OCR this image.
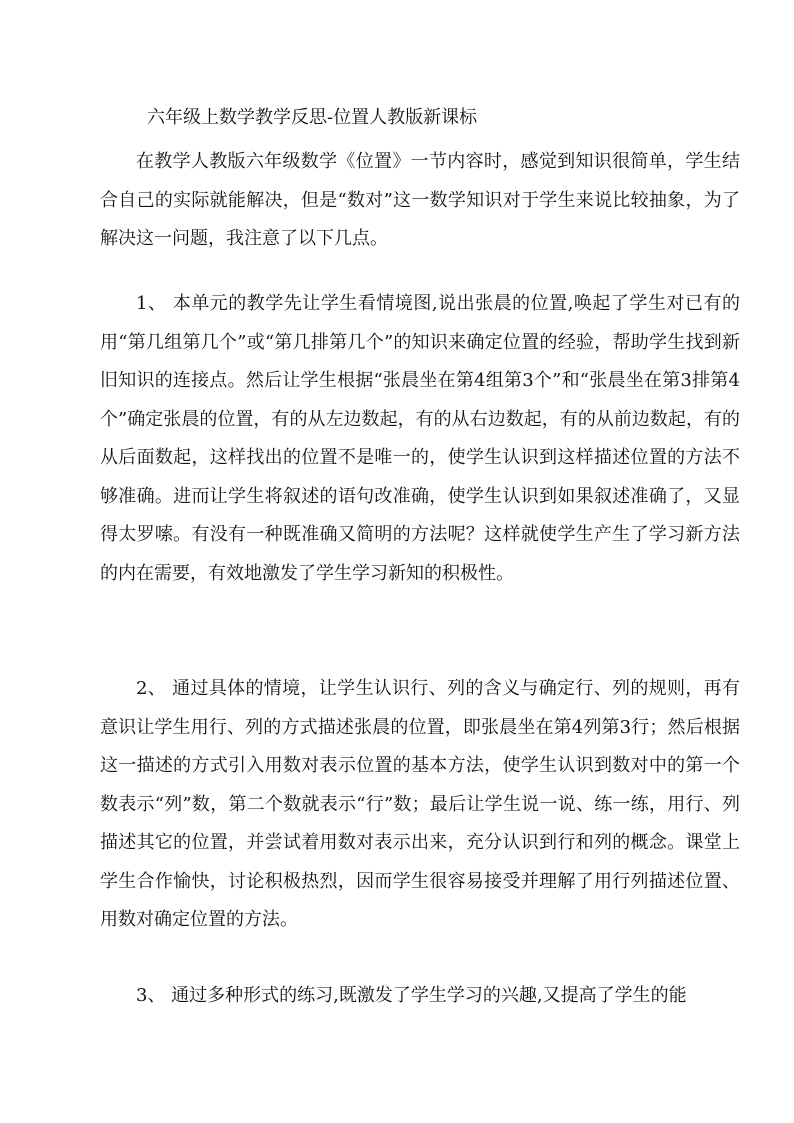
六年级上数学教学反思-位置人教版新课标

在教学人教版六年级数学《位置》一节内容时，感觉到知识很简单，学生结合自己的实际就能解决，但是“数对”这一数学知识对于学生来说比较抽象，为了解决这一问题，我注意了以下几点。

1、 本单元的教学先让学生看情境图,说出张晨的位置,唤起了学生对已有的用“第几组第几个”或“第几排第几个”的知识来确定位置的经验，帮助学生找到新旧知识的连接点。然后让学生根据“张晨坐在第4组第3个”和“张晨坐在第3排第4个”确定张晨的位置，有的从左边数起，有的从右边数起，有的从前边数起，有的从后面数起，这样找出的位置不是唯一的，使学生认识到这样描述位置的方法不够准确。进而让学生将叙述的语句改准确，使学生认识到如果叙述准确了，又显得太罗嗦。有没有一种既准确又简明的方法呢？这样就使学生产生了学习新方法的内在需要，有效地激发了学生学习新知的积极性。

2、 通过具体的情境，让学生认识行、列的含义与确定行、列的规则，再有意识让学生用行、列的方式描述张晨的位置，即张晨坐在第4列第3行；然后根据这一描述的方式引入用数对表示位置的基本方法，使学生认识到数对中的第一个数表示“列”数，第二个数就表示“行”数；最后让学生说一说、练一练，用行、列描述其它的位置，并尝试着用数对表示出来，充分认识到行和列的概念。课堂上学生合作愉快，讨论积极热烈，因而学生很容易接受并理解了用行列描述位置、用数对确定位置的方法。

3、 通过多种形式的练习,既激发了学生学习的兴趣,又提高了学生的能
